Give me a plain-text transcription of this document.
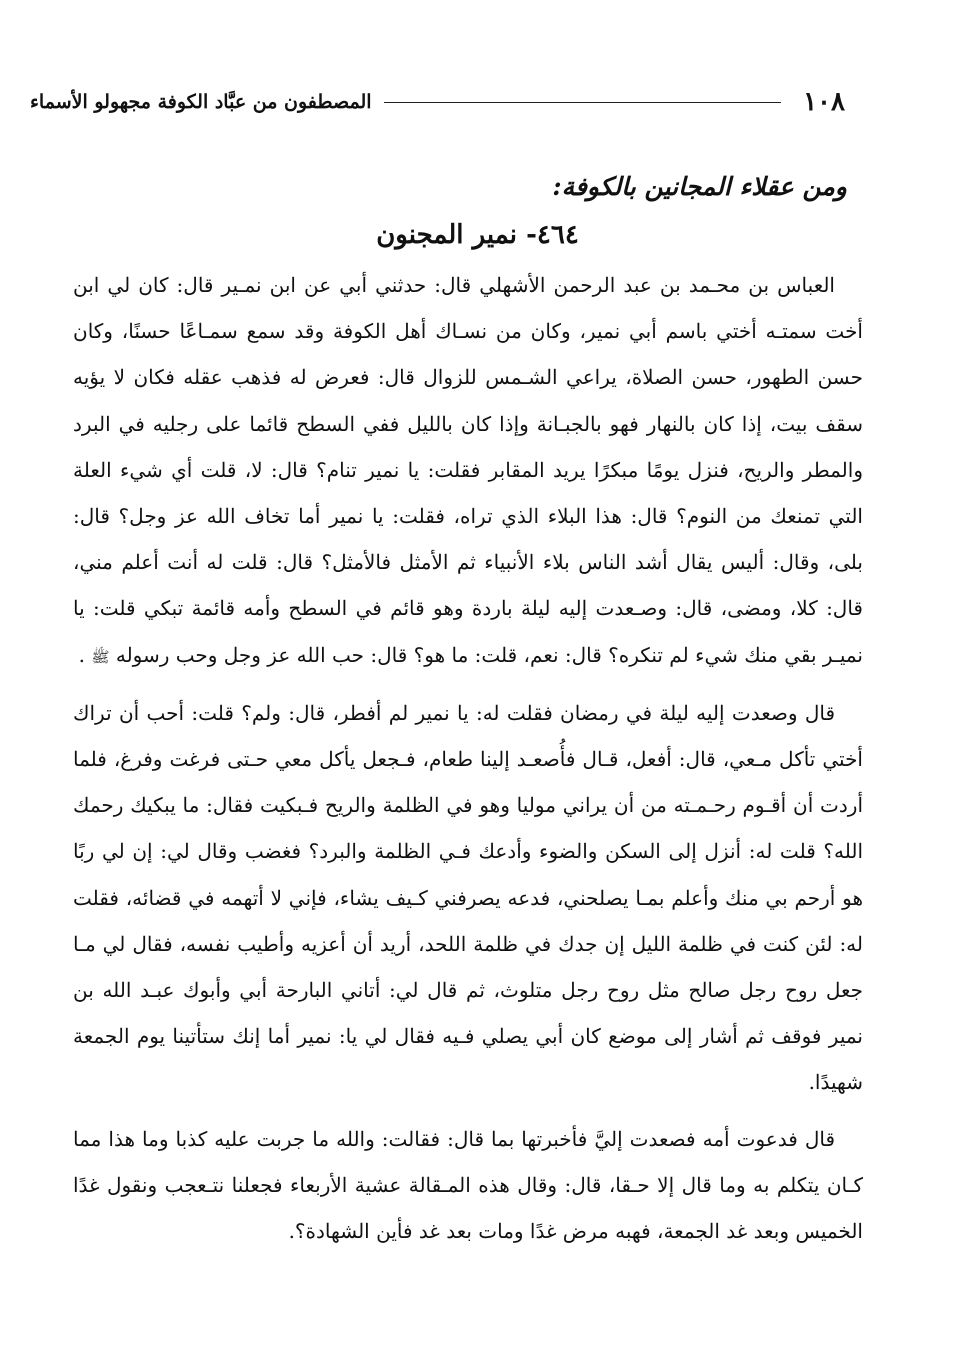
١٠٨
المصطفون من عبَّاد الكوفة مجهولو الأسماء
ومن عقلاء المجانين بالكوفة:
٤٦٤- نمير المجنون

العباس بن محـمد بن عبد الرحمن الأشهلي قال: حدثني أبي عن ابن نمـير قال: كان لي ابن أخت سمتـه أختي باسم أبي نمير، وكان من نسـاك أهل الكوفة وقد سمع سمـاعًا حسنًا، وكان حسن الطهور، حسن الصلاة، يراعي الشـمس للزوال قال: فعرض له فذهب عقله فكان لا يؤيه سقف بيت، إذا كان بالنهار فهو بالجبـانة وإذا كان بالليل ففي السطح قائما على رجليه في البرد والمطر والريح، فنزل يومًا مبكرًا يريد المقابر فقلت: يا نمير تنام؟ قال: لا، قلت أي شيء العلة التي تمنعك من النوم؟ قال: هذا البلاء الذي تراه، فقلت: يا نمير أما تخاف الله عز وجل؟ قال: بلى، وقال: أليس يقال أشد الناس بلاء الأنبياء ثم الأمثل فالأمثل؟ قال: قلت له أنت أعلم مني، قال: كلا، ومضى، قال: وصـعدت إليه ليلة باردة وهو قائم في السطح وأمه قائمة تبكي قلت: يا نميـر بقي منك شيء لم تنكره؟ قال: نعم، قلت: ما هو؟ قال: حب الله عز وجل وحب رسوله ﷺ .

قال وصعدت إليه ليلة في رمضان فقلت له: يا نمير لم أفطر، قال: ولم؟ قلت: أحب أن تراك أختي تأكل مـعي، قال: أفعل، قـال فأُصعـد إلينا طعام، فـجعل يأكل معي حـتى فرغت وفرغ، فلما أردت أن أقـوم رحـمـته من أن يراني موليا وهو في الظلمة والريح فـبكيت فقال: ما يبكيك رحمك الله؟ قلت له: أنزل إلى السكن والضوء وأدعك فـي الظلمة والبرد؟ فغضب وقال لي: إن لي ربًا هو أرحم بي منك وأعلم بمـا يصلحني، فدعه يصرفني كـيف يشاء، فإني لا أتهمه في قضائه، فقلت له: لئن كنت في ظلمة الليل إن جدك في ظلمة اللحد، أريد أن أعزيه وأطيب نفسه، فقال لي مـا جعل روح رجل صالح مثل روح رجل متلوث، ثم قال لي: أتاني البارحة أبي وأبوك عبـد الله بن نمير فوقف ثم أشار إلى موضع كان أبي يصلي فـيه فقال لي يا: نمير أما إنك ستأتينا يوم الجمعة شهيدًا.

قال فدعوت أمه فصعدت إليَّ فأخبرتها بما قال: فقالت: والله ما جربت عليه كذبا وما هذا مما كـان يتكلم به وما قال إلا حـقا، قال: وقال هذه المـقالة عشية الأربعاء فجعلنا نتـعجب ونقول غدًا الخميس وبعد غد الجمعة، فهبه مرض غدًا ومات بعد غد فأين الشهادة؟.
